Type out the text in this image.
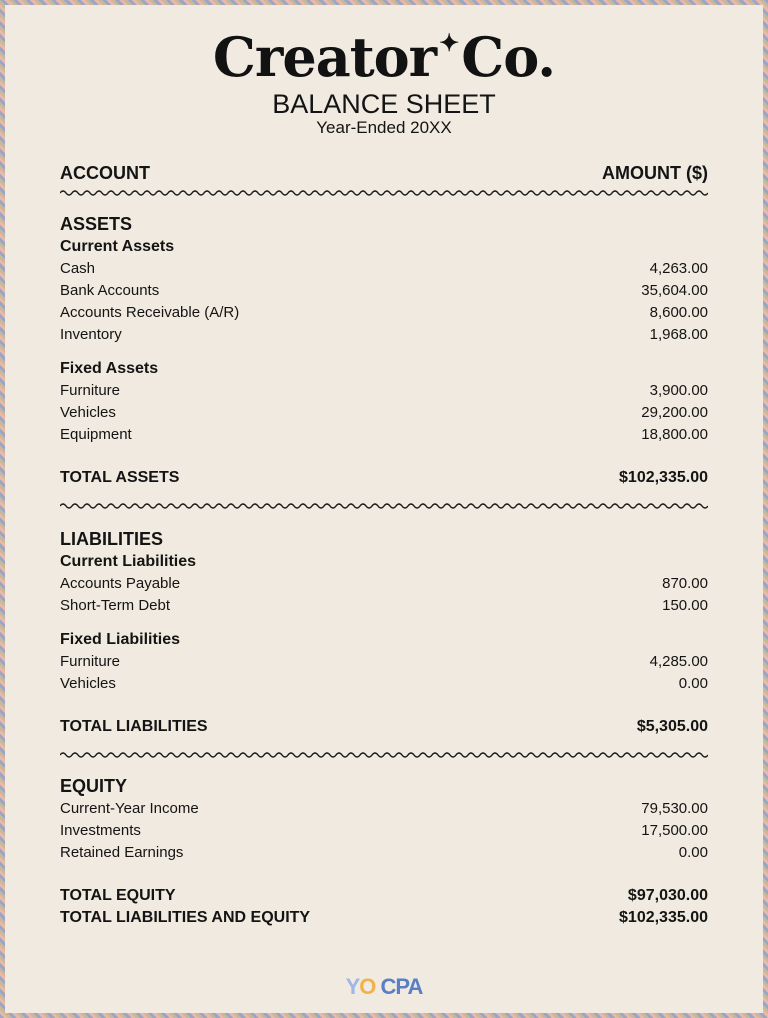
Creator ✦ Co.
BALANCE SHEET
Year-Ended 20XX
ACCOUNT	AMOUNT ($)
ASSETS
Current Assets
Cash	4,263.00
Bank Accounts	35,604.00
Accounts Receivable (A/R)	8,600.00
Inventory	1,968.00
Fixed Assets
Furniture	3,900.00
Vehicles	29,200.00
Equipment	18,800.00
TOTAL ASSETS	$102,335.00
LIABILITIES
Current Liabilities
Accounts Payable	870.00
Short-Term Debt	150.00
Fixed Liabilities
Furniture	4,285.00
Vehicles	0.00
TOTAL LIABILITIES	$5,305.00
EQUITY
Current-Year Income	79,530.00
Investments	17,500.00
Retained Earnings	0.00
TOTAL EQUITY	$97,030.00
TOTAL LIABILITIES AND EQUITY	$102,335.00
YO CPA
